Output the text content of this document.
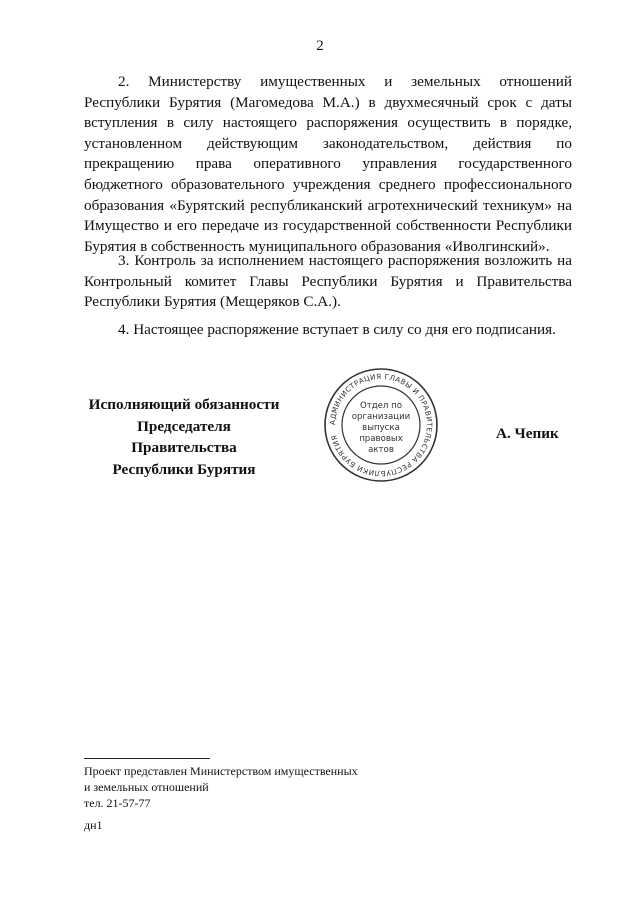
2

2. Министерству имущественных и земельных отношений Республики Бурятия (Магомедова М.А.) в двухмесячный срок с даты вступления в силу настоящего распоряжения осуществить в порядке, установленном действующим законодательством, действия по прекращению права оперативного управления государственного бюджетного образовательного учреждения среднего профессионального образования «Бурятский республиканский агротехнический техникум» на Имущество и его передаче из государственной собственности Республики Бурятия в собственность муниципального образования «Иволгинский».

3. Контроль за исполнением настоящего распоряжения возложить на Контрольный комитет Главы Республики Бурятия и Правительства Республики Бурятия (Мещеряков С.А.).

4. Настоящее распоряжение вступает в силу со дня его подписания.

Исполняющий обязанности
Председателя Правительства
Республики Бурятия
АДМИНИСТРАЦИЯ ГЛАВЫ И ПРАВИТЕЛЬСТВА РЕСПУБЛИКИ БУРЯТИЯ
Отдел по
организации
выпуска
правовых
актов
А. Чепик
Проект представлен Министерством имущественных
и земельных отношений
тел. 21-57-77
дн1
